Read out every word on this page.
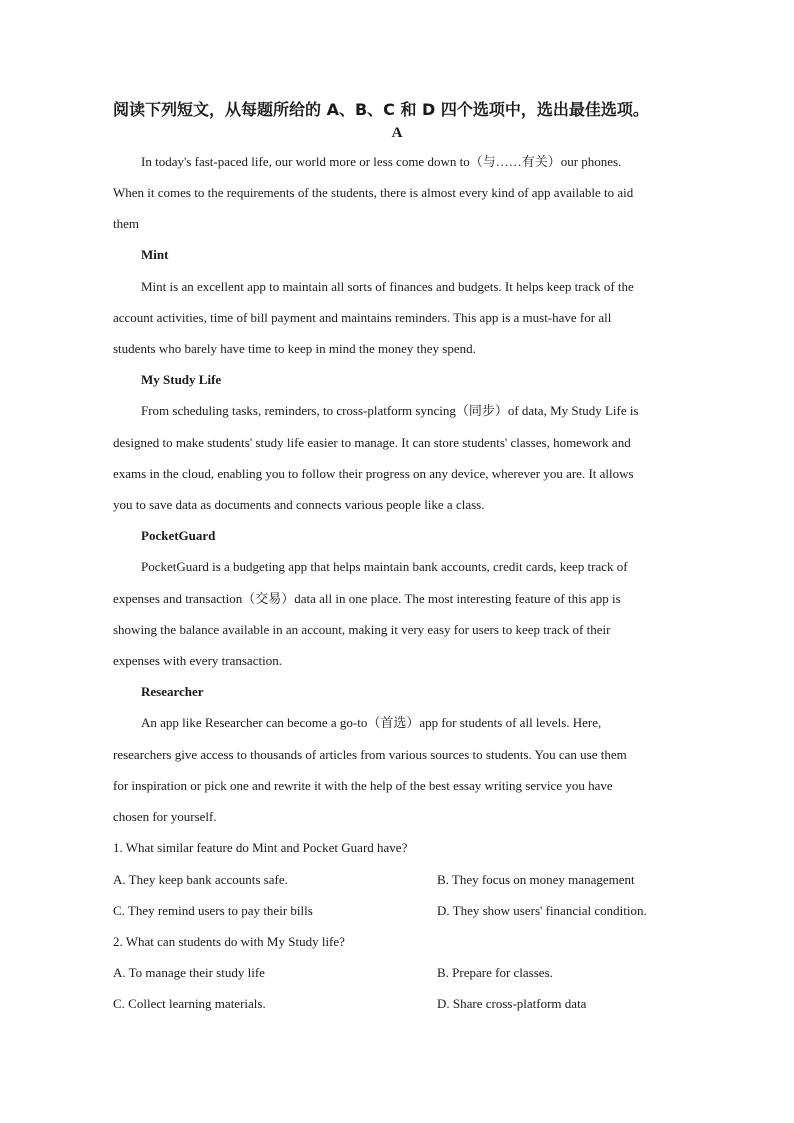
阅读下列短文，从每题所给的 A、B、C 和 D 四个选项中，选出最佳选项。
A
In today's fast-paced life, our world more or less come down to（与……有关）our phones.
When it comes to the requirements of the students, there is almost every kind of app available to aid
them
Mint
Mint is an excellent app to maintain all sorts of finances and budgets. It helps keep track of the
account activities, time of bill payment and maintains reminders. This app is a must-have for all
students who barely have time to keep in mind the money they spend.
My Study Life
From scheduling tasks, reminders, to cross-platform syncing（同步）of data, My Study Life is
designed to make students' study life easier to manage. It can store students' classes, homework and
exams in the cloud, enabling you to follow their progress on any device, wherever you are. It allows
you to save data as documents and connects various people like a class.
PocketGuard
PocketGuard is a budgeting app that helps maintain bank accounts, credit cards, keep track of
expenses and transaction（交易）data all in one place. The most interesting feature of this app is
showing the balance available in an account, making it very easy for users to keep track of their
expenses with every transaction.
Researcher
An app like Researcher can become a go-to（首选）app for students of all levels. Here,
researchers give access to thousands of articles from various sources to students. You can use them
for inspiration or pick one and rewrite it with the help of the best essay writing service you have
chosen for yourself.
1. What similar feature do Mint and Pocket Guard have?
A. They keep bank accounts safe.	B. They focus on money management
C. They remind users to pay their bills	D. They show users' financial condition.
2. What can students do with My Study life?
A. To manage their study life	B. Prepare for classes.
C. Collect learning materials.	D. Share cross-platform data
